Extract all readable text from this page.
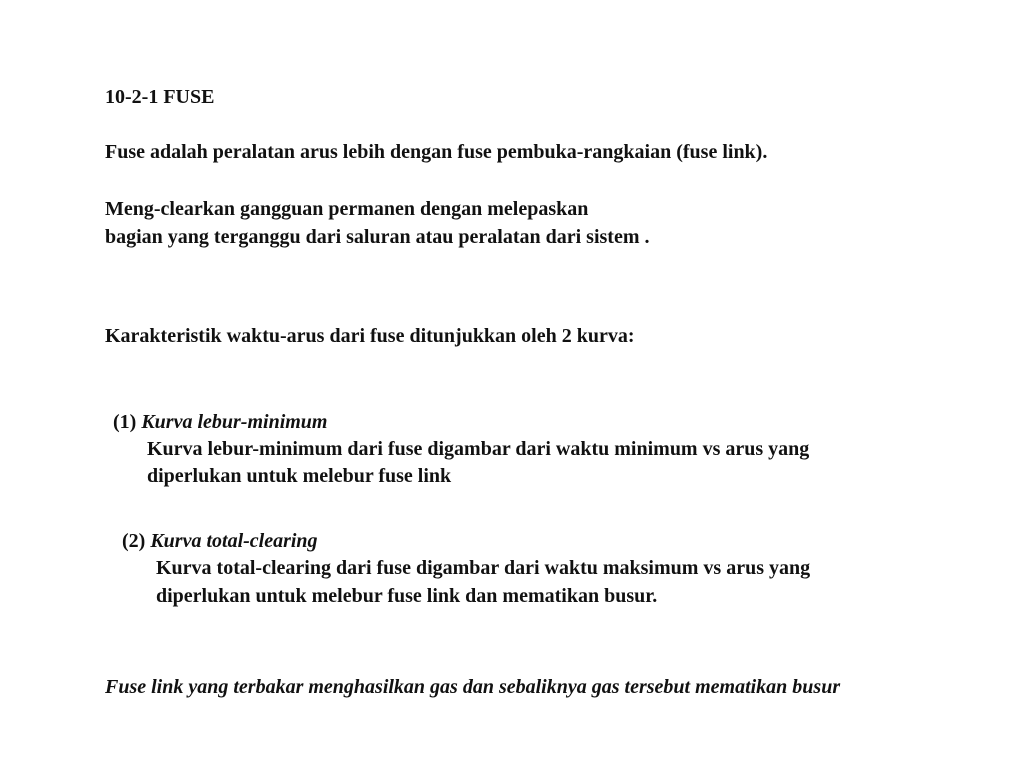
10-2-1 FUSE
Fuse adalah peralatan arus lebih dengan fuse pembuka-rangkaian (fuse link).
Meng-clearkan gangguan permanen dengan melepaskan
bagian yang terganggu dari saluran atau peralatan dari sistem .
Karakteristik waktu-arus dari fuse ditunjukkan oleh 2 kurva:
(1) Kurva lebur-minimum
Kurva lebur-minimum dari fuse digambar dari waktu minimum vs arus yang
diperlukan untuk melebur fuse link
(2) Kurva total-clearing
Kurva total-clearing dari fuse digambar dari waktu maksimum vs arus yang
diperlukan untuk melebur fuse link dan mematikan busur.
Fuse link yang terbakar menghasilkan gas dan sebaliknya gas tersebut mematikan busur
